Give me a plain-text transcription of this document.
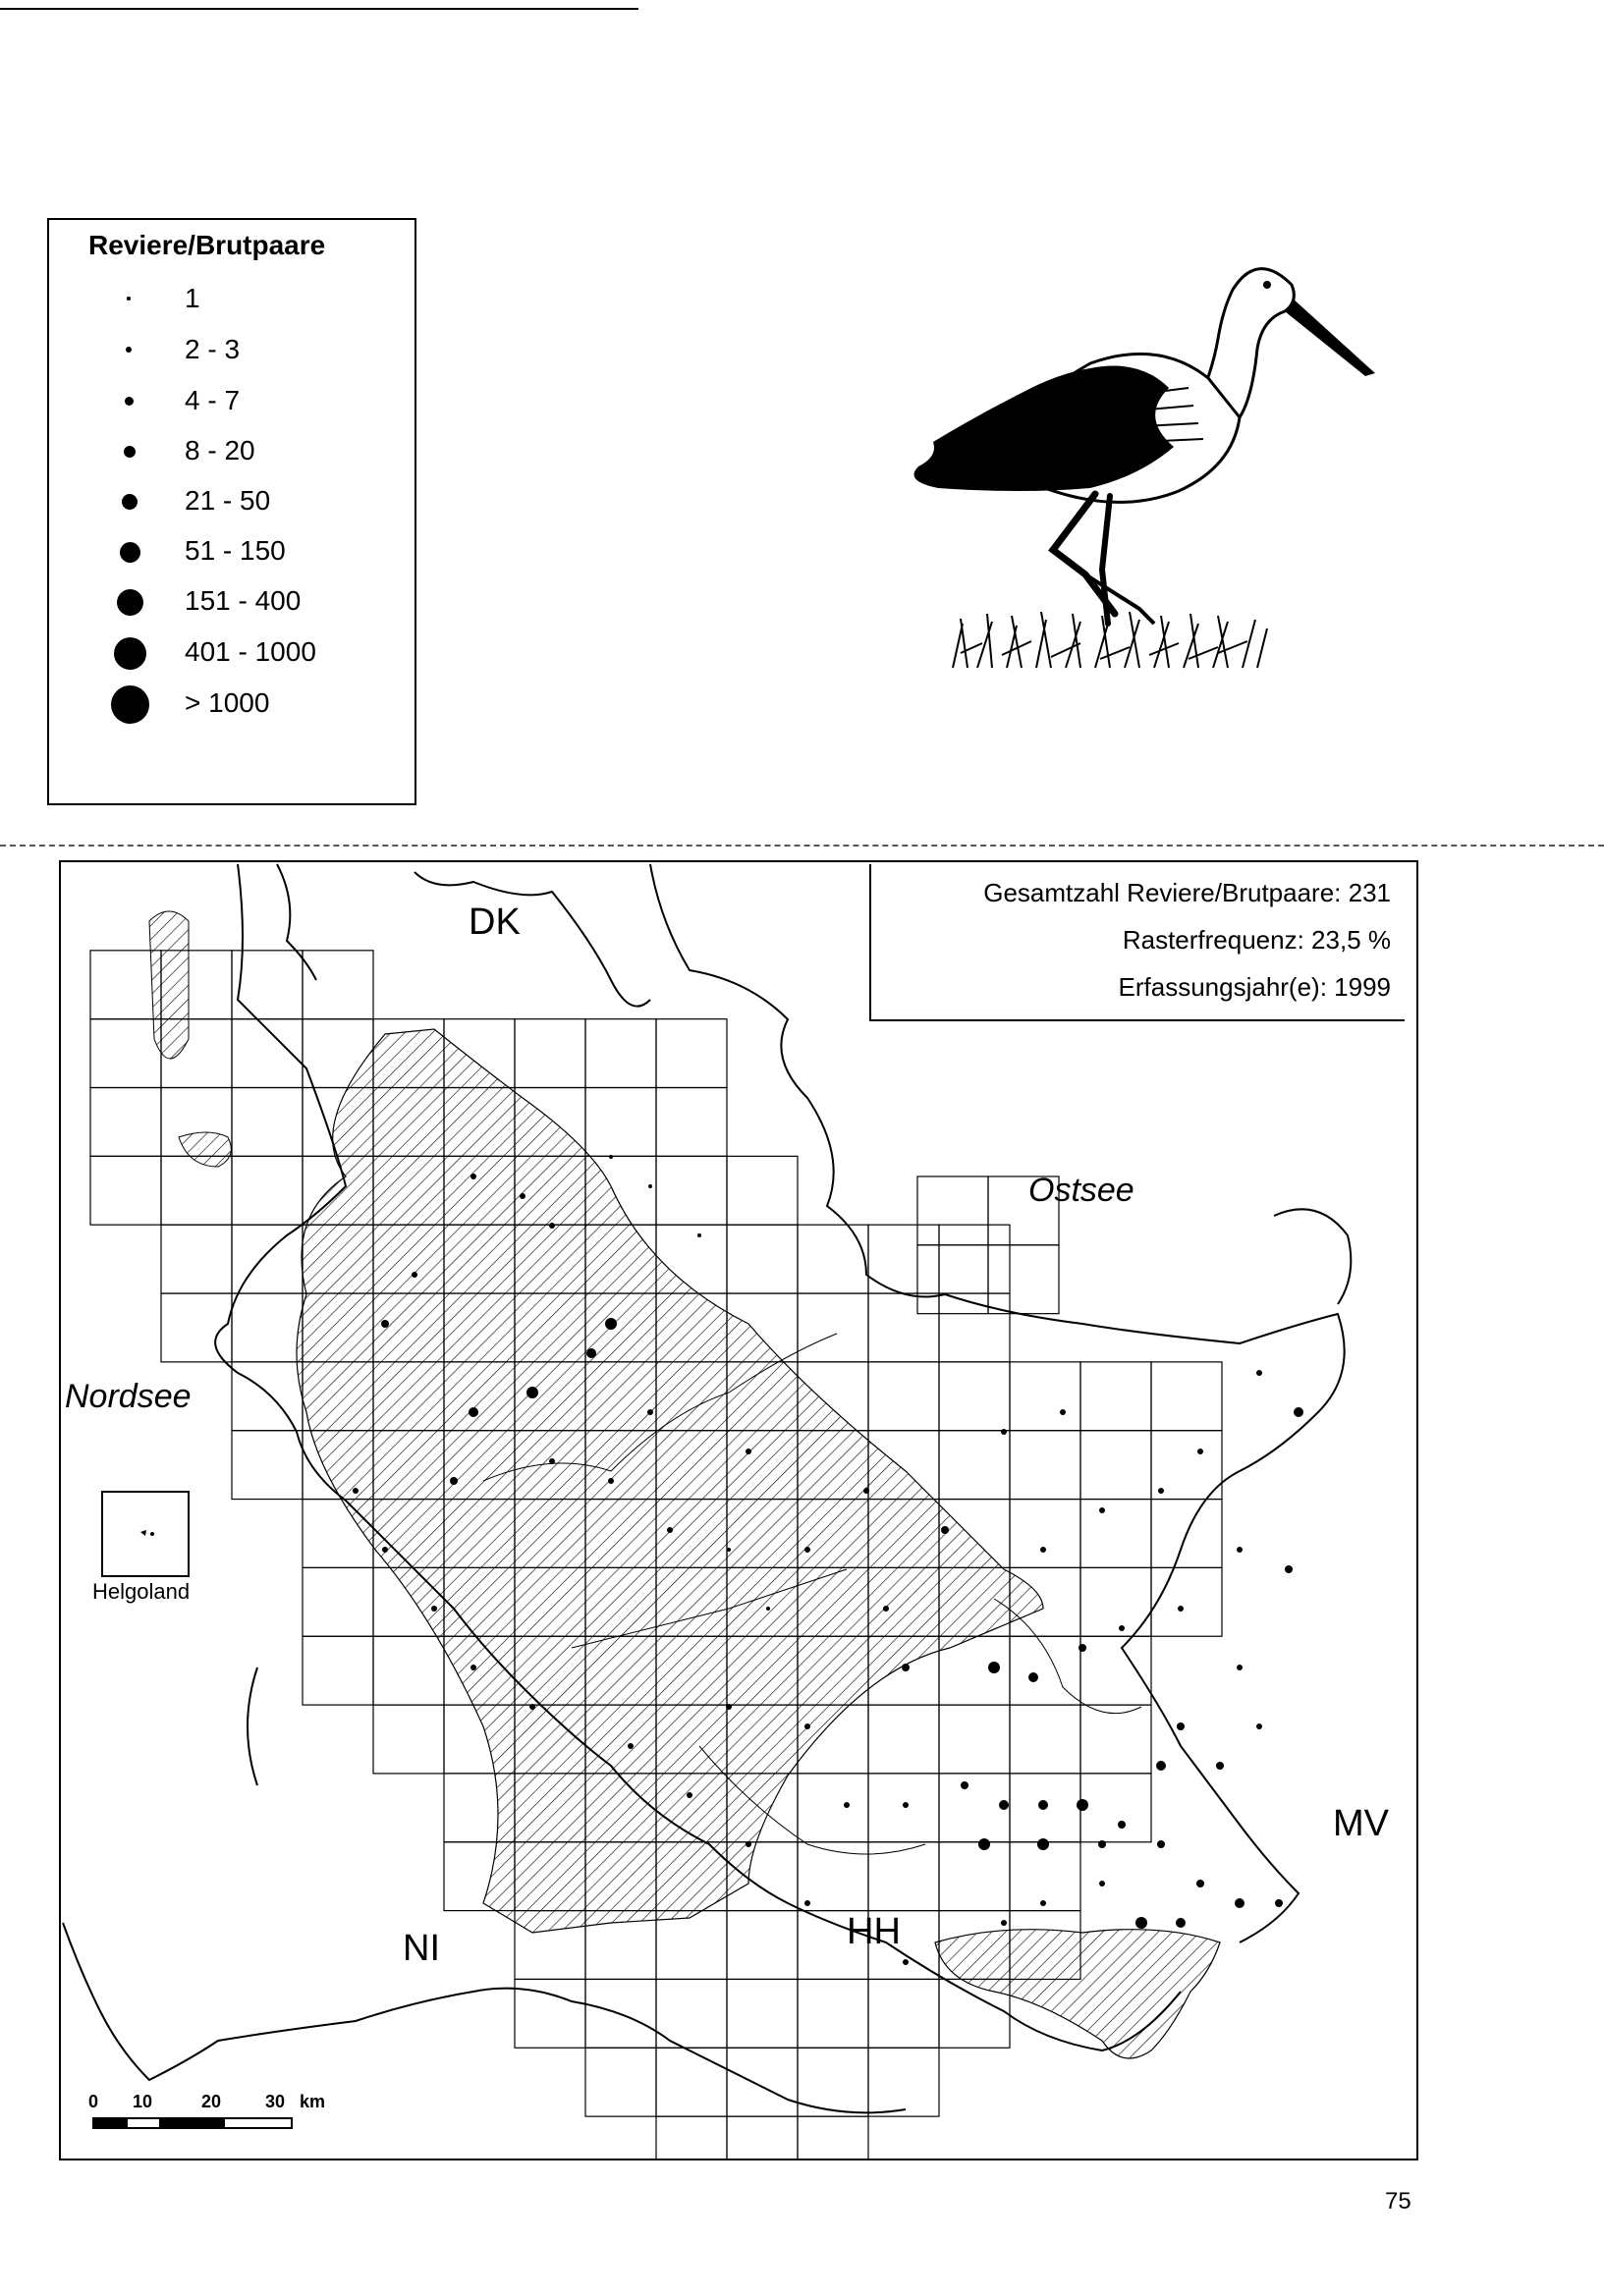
Reviere/Brutpaare
1
2 - 3
4 - 7
8 - 20
21 - 50
51 - 150
151 - 400
401 - 1000
> 1000
DK
Ostsee
Nordsee
MV
NI	HH
Gesamtzahl Reviere/Brutpaare: 231
Rasterfrequenz: 23,5 %
Erfassungsjahr(e): 1999
Helgoland
0 10	20 30 km
75
